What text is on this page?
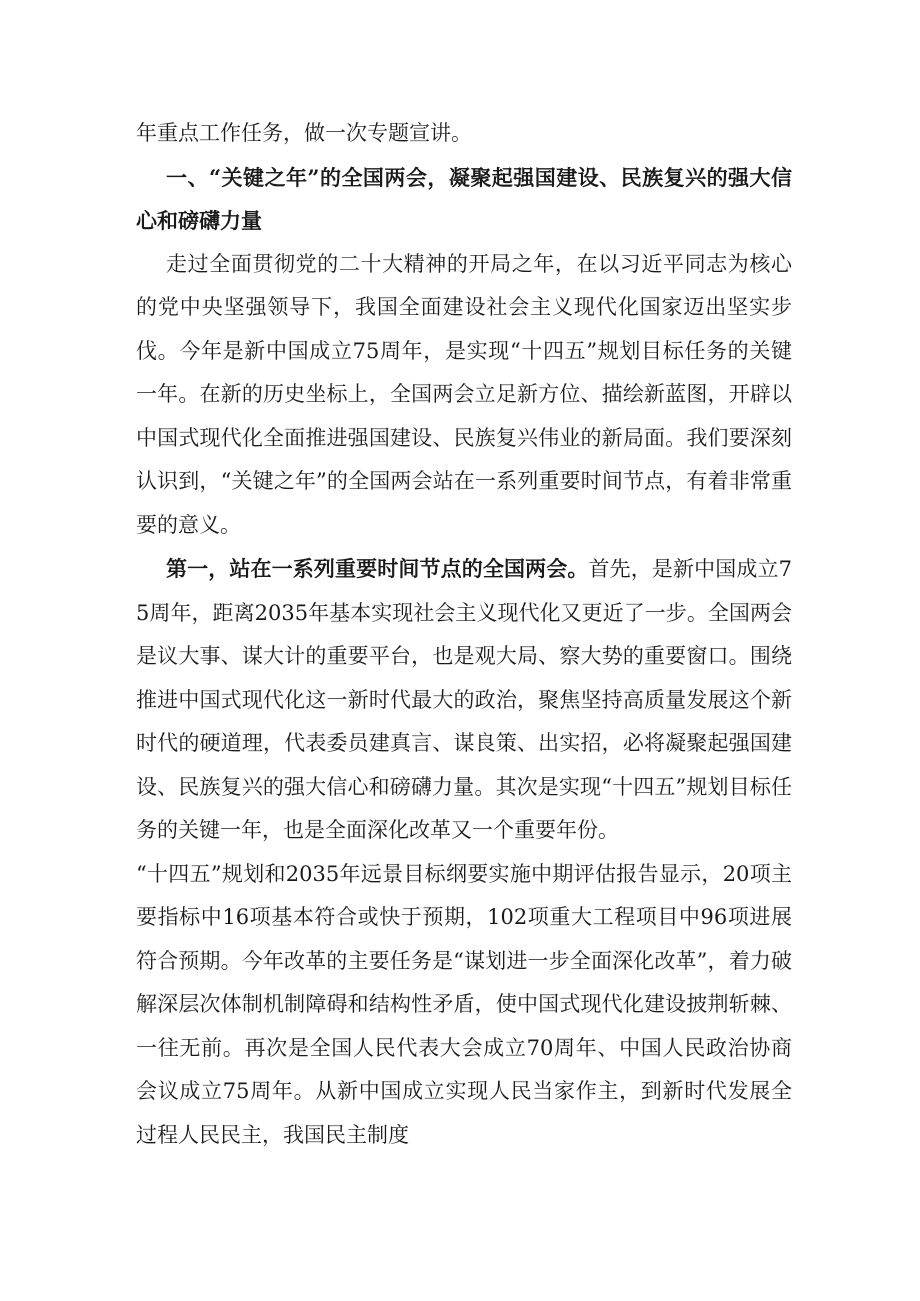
年重点工作任务，做一次专题宣讲。

一、“关键之年”的全国两会，凝聚起强国建设、民族复兴的强大信心和磅礴力量

走过全面贯彻党的二十大精神的开局之年，在以习近平同志为核心的党中央坚强领导下，我国全面建设社会主义现代化国家迈出坚实步伐。今年是新中国成立75周年，是实现“十四五”规划目标任务的关键一年。在新的历史坐标上，全国两会立足新方位、描绘新蓝图，开辟以中国式现代化全面推进强国建设、民族复兴伟业的新局面。我们要深刻认识到，“关键之年”的全国两会站在一系列重要时间节点，有着非常重要的意义。

第一，站在一系列重要时间节点的全国两会。首先，是新中国成立75周年，距离2035年基本实现社会主义现代化又更近了一步。全国两会是议大事、谋大计的重要平台，也是观大局、察大势的重要窗口。围绕推进中国式现代化这一新时代最大的政治，聚焦坚持高质量发展这个新时代的硬道理，代表委员建真言、谋良策、出实招，必将凝聚起强国建设、民族复兴的强大信心和磅礴力量。其次是实现“十四五”规划目标任务的关键一年，也是全面深化改革又一个重要年份。

“十四五”规划和2035年远景目标纲要实施中期评估报告显示，20项主要指标中16项基本符合或快于预期，102项重大工程项目中96项进展符合预期。今年改革的主要任务是“谋划进一步全面深化改革”，着力破解深层次体制机制障碍和结构性矛盾，使中国式现代化建设披荆斩棘、一往无前。再次是全国人民代表大会成立70周年、中国人民政治协商会议成立75周年。从新中国成立实现人民当家作主，到新时代发展全过程人民民主，我国民主制度
